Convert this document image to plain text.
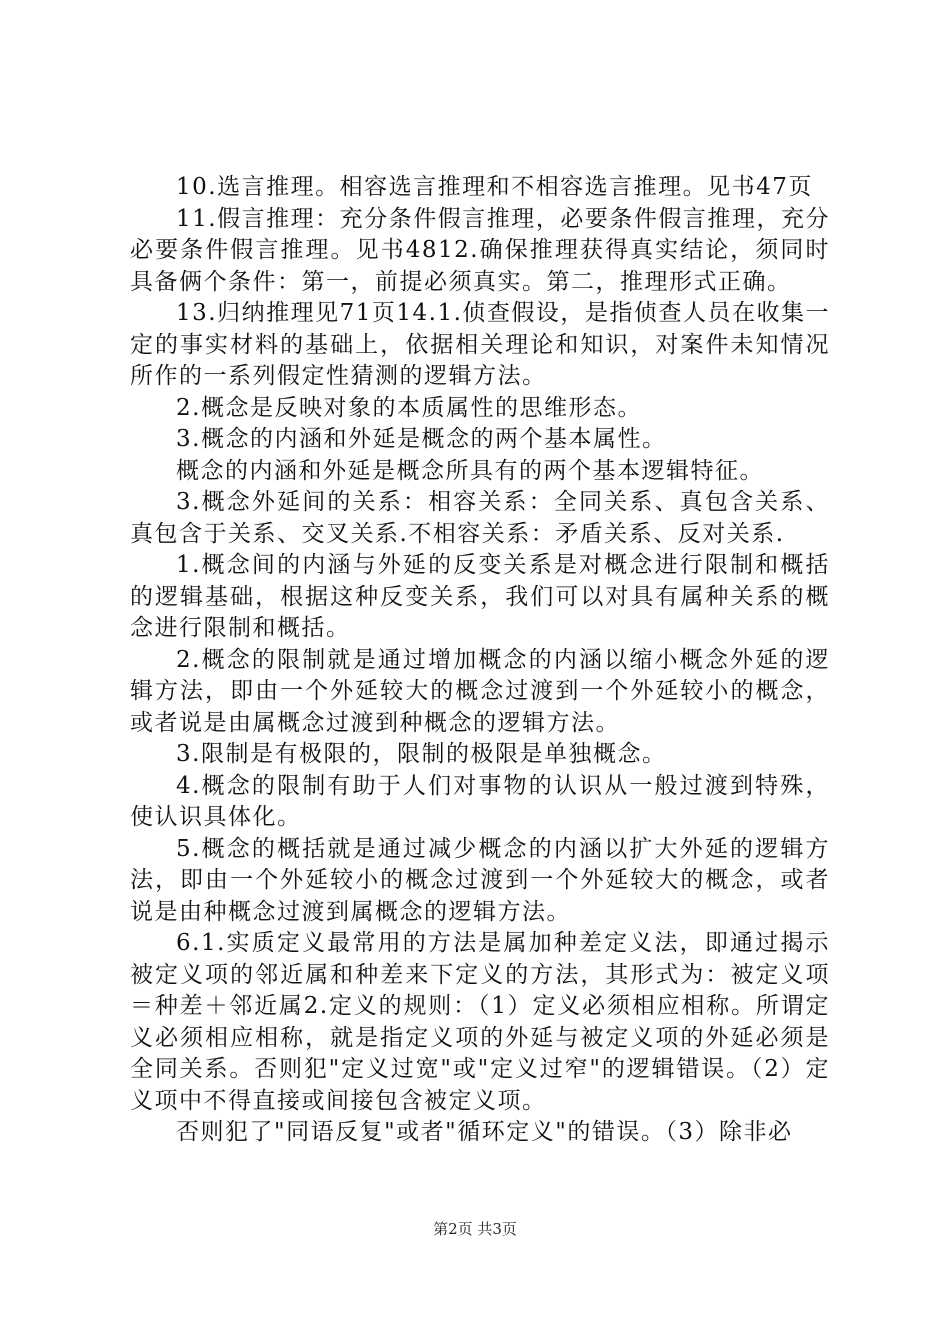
10.选言推理。相容选言推理和不相容选言推理。见书47页

11.假言推理：充分条件假言推理，必要条件假言推理，充分必要条件假言推理。见书4812.确保推理获得真实结论，须同时具备俩个条件：第一，前提必须真实。第二，推理形式正确。

13.归纳推理见71页14.1.侦查假设，是指侦查人员在收集一定的事实材料的基础上，依据相关理论和知识，对案件未知情况所作的一系列假定性猜测的逻辑方法。

2.概念是反映对象的本质属性的思维形态。

3.概念的内涵和外延是概念的两个基本属性。

概念的内涵和外延是概念所具有的两个基本逻辑特征。

3.概念外延间的关系：相容关系：全同关系、真包含关系、真包含于关系、交叉关系.不相容关系：矛盾关系、反对关系.

1.概念间的内涵与外延的反变关系是对概念进行限制和概括的逻辑基础，根据这种反变关系，我们可以对具有属种关系的概念进行限制和概括。

2.概念的限制就是通过增加概念的内涵以缩小概念外延的逻辑方法，即由一个外延较大的概念过渡到一个外延较小的概念，或者说是由属概念过渡到种概念的逻辑方法。

3.限制是有极限的，限制的极限是单独概念。

4.概念的限制有助于人们对事物的认识从一般过渡到特殊，使认识具体化。

5.概念的概括就是通过减少概念的内涵以扩大外延的逻辑方法，即由一个外延较小的概念过渡到一个外延较大的概念，或者说是由种概念过渡到属概念的逻辑方法。

6.1.实质定义最常用的方法是属加种差定义法，即通过揭示被定义项的邻近属和种差来下定义的方法，其形式为：被定义项＝种差＋邻近属2.定义的规则：（1）定义必须相应相称。所谓定义必须相应相称，就是指定义项的外延与被定义项的外延必须是全同关系。否则犯"定义过宽"或"定义过窄"的逻辑错误。（2）定义项中不得直接或间接包含被定义项。

否则犯了"同语反复"或者"循环定义"的错误。（3）除非必

第2页 共3页
